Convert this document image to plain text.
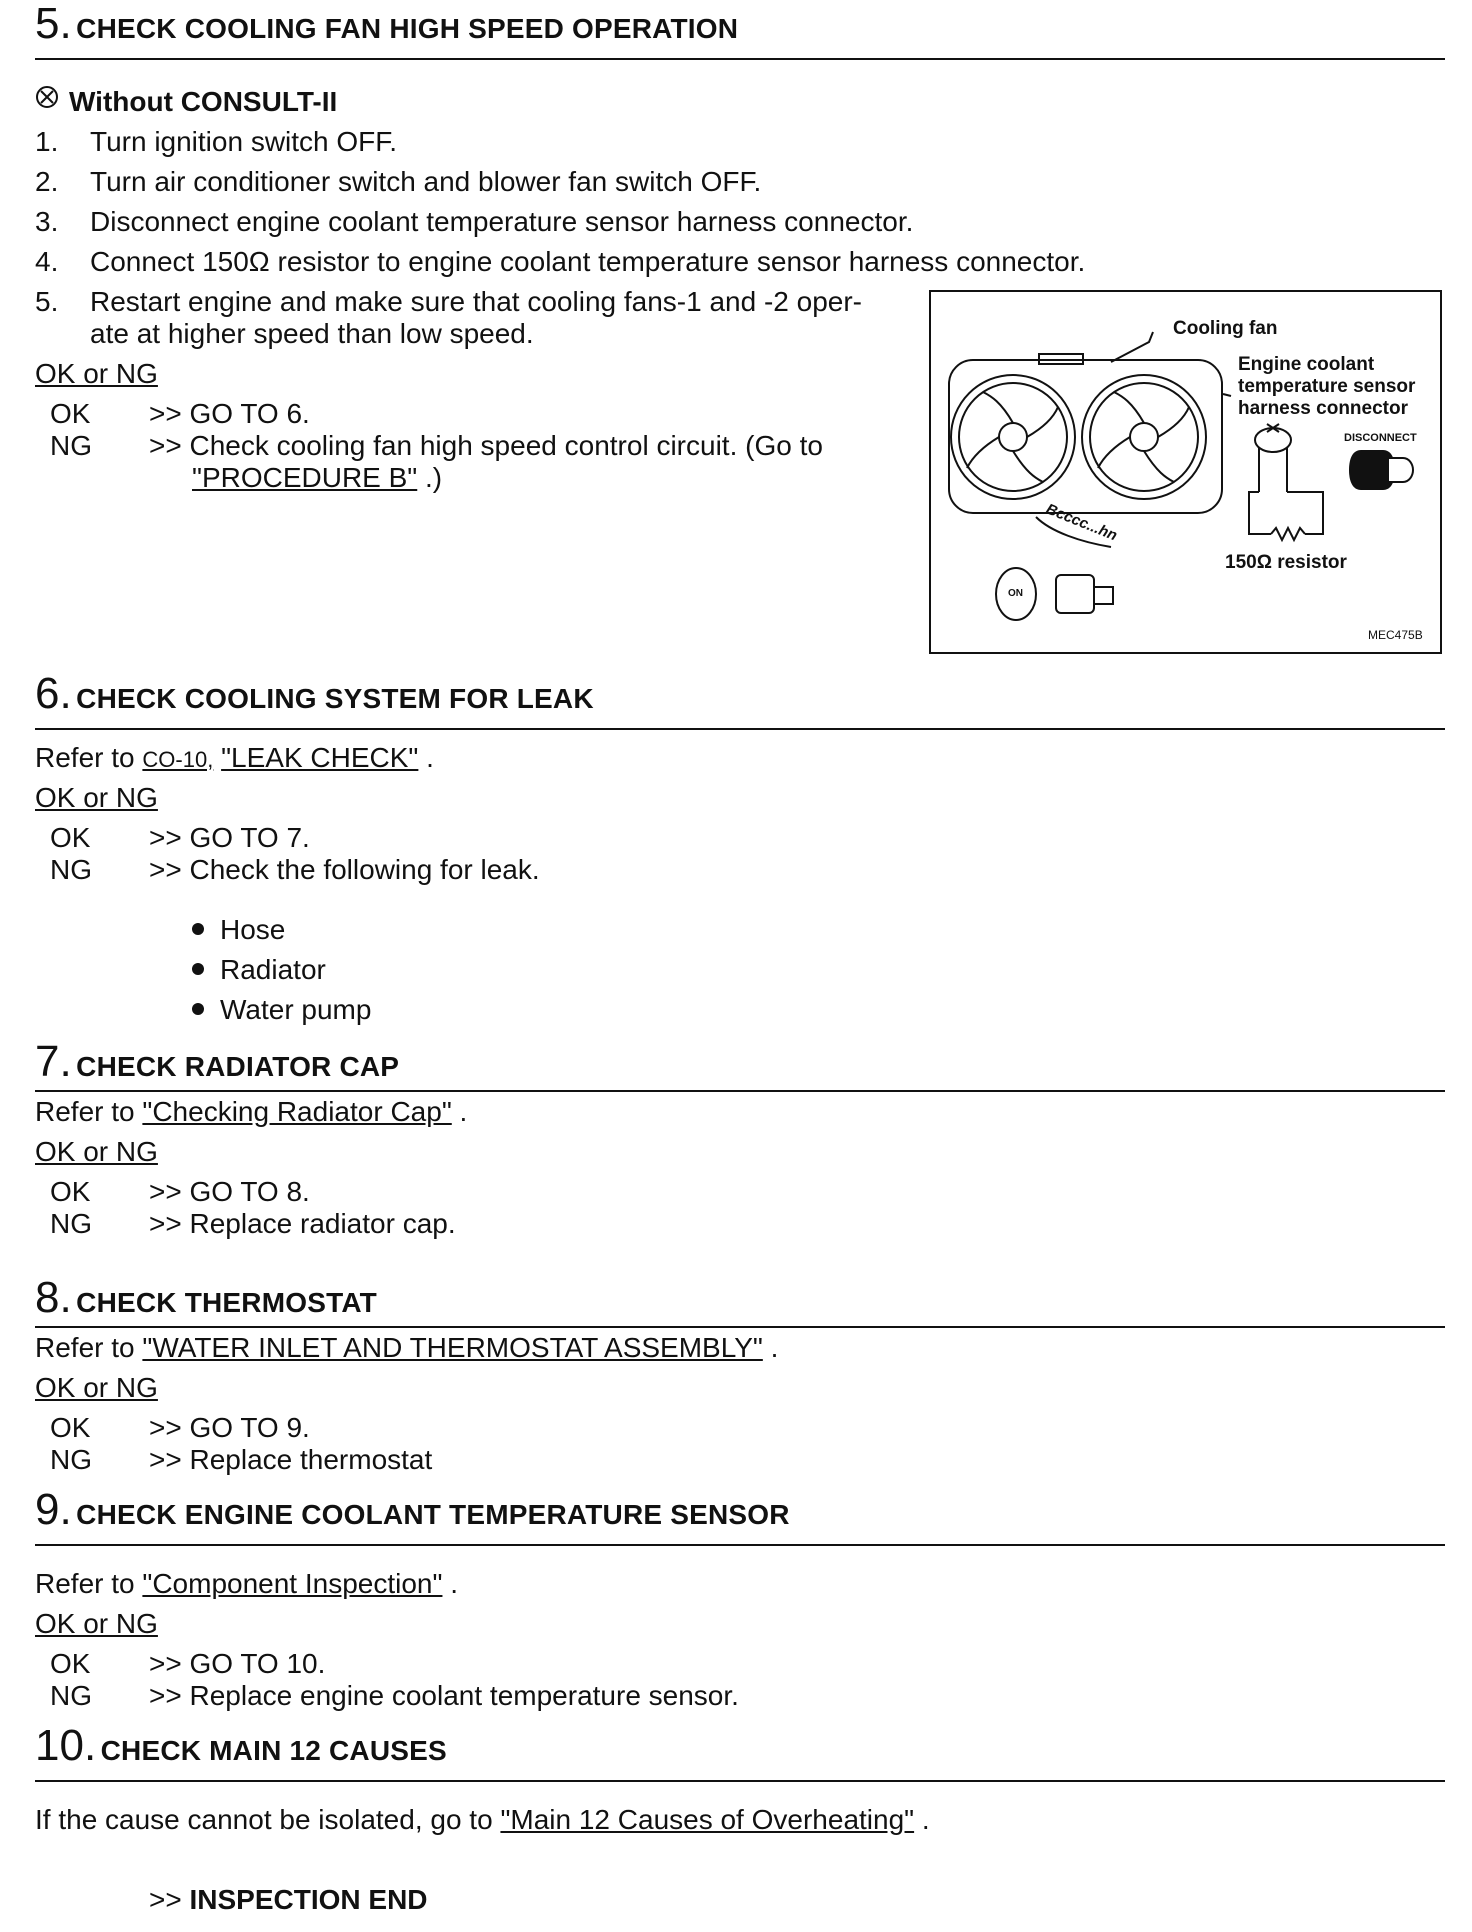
5. CHECK COOLING FAN HIGH SPEED OPERATION
Without CONSULT-II
1. Turn ignition switch OFF.
2. Turn air conditioner switch and blower fan switch OFF.
3. Disconnect engine coolant temperature sensor harness connector.
4. Connect 150Ω resistor to engine coolant temperature sensor harness connector.
5. Restart engine and make sure that cooling fans-1 and -2 oper-
ate at higher speed than low speed.
OK or NG
OK >> GO TO 6.
NG >> Check cooling fan high speed control circuit. (Go to
"PROCEDURE B" .)
Cooling fan
Engine coolant
temperature sensor
harness connector
DISCONNECT
150Ω resistor
Bcccc...hn
ON
MEC475B
6. CHECK COOLING SYSTEM FOR LEAK
Refer to CO-10, "LEAK CHECK" .
OK or NG
OK >> GO TO 7.
NG >> Check the following for leak.
Hose
Radiator
Water pump
7. CHECK RADIATOR CAP
Refer to "Checking Radiator Cap" .
OK or NG
OK >> GO TO 8.
NG >> Replace radiator cap.
8. CHECK THERMOSTAT
Refer to "WATER INLET AND THERMOSTAT ASSEMBLY" .
OK or NG
OK >> GO TO 9.
NG >> Replace thermostat
9. CHECK ENGINE COOLANT TEMPERATURE SENSOR
Refer to "Component Inspection" .
OK or NG
OK >> GO TO 10.
NG >> Replace engine coolant temperature sensor.
10. CHECK MAIN 12 CAUSES
If the cause cannot be isolated, go to "Main 12 Causes of Overheating" .
>> INSPECTION END
